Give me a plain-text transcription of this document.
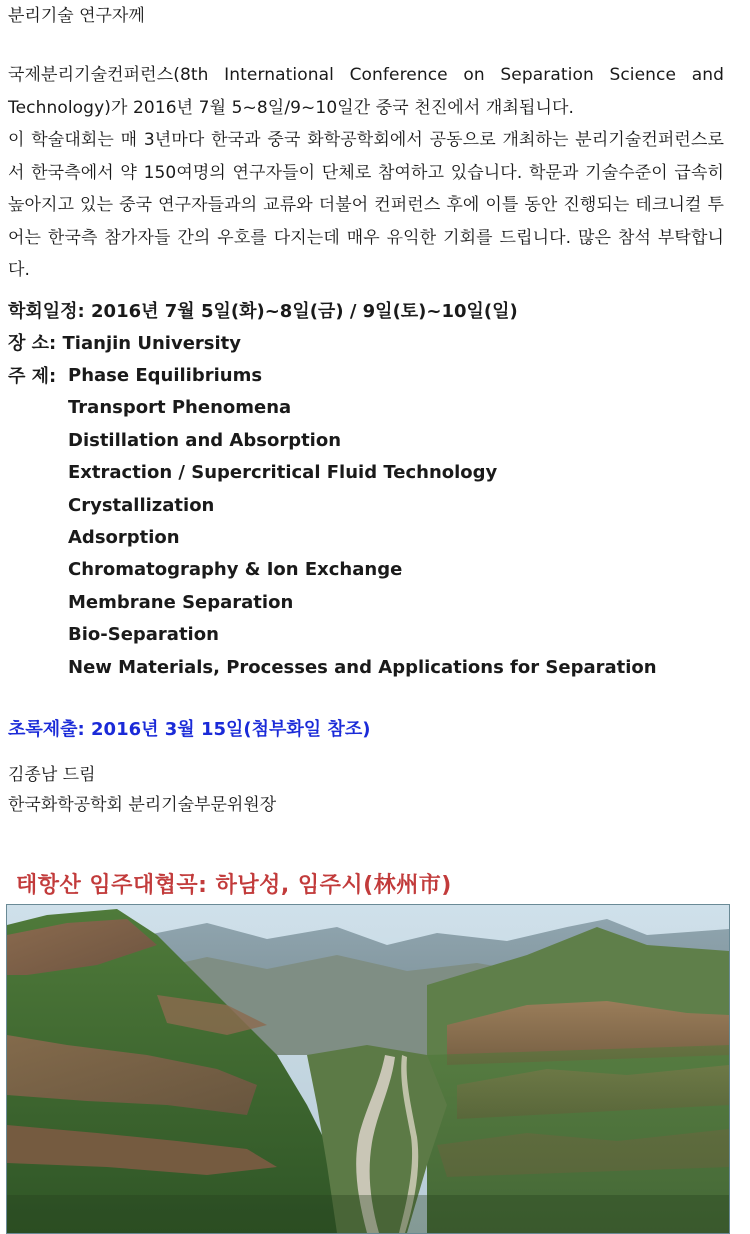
분리기술 연구자께
국제분리기술컨퍼런스(8th International Conference on Separation Science and Technology)가 2016년 7월 5~8일/9~10일간 중국 천진에서 개최됩니다.
이 학술대회는 매 3년마다 한국과 중국 화학공학회에서 공동으로 개최하는 분리기술컨퍼런스로서 한국측에서 약 150여명의 연구자들이 단체로 참여하고 있습니다. 학문과 기술수준이 급속히 높아지고 있는 중국 연구자들과의 교류와 더불어 컨퍼런스 후에 이틀 동안 진행되는 테크니컬 투어는 한국측 참가자들 간의 우호를 다지는데 매우 유익한 기회를 드립니다. 많은 참석 부탁합니다.
학회일정: 2016년 7월 5일(화)~8일(금) / 9일(토)~10일(일)
장 소: Tianjin University
주 제: Phase Equilibriums
Transport Phenomena
Distillation and Absorption
Extraction / Supercritical Fluid Technology
Crystallization
Adsorption
Chromatography & Ion Exchange
Membrane Separation
Bio-Separation
New Materials, Processes and Applications for Separation
초록제출: 2016년 3월 15일(첨부화일 참조)
김종남 드림
한국화학공학회 분리기술부문위원장
태항산 임주대협곡: 하남성, 임주시(林州市)
